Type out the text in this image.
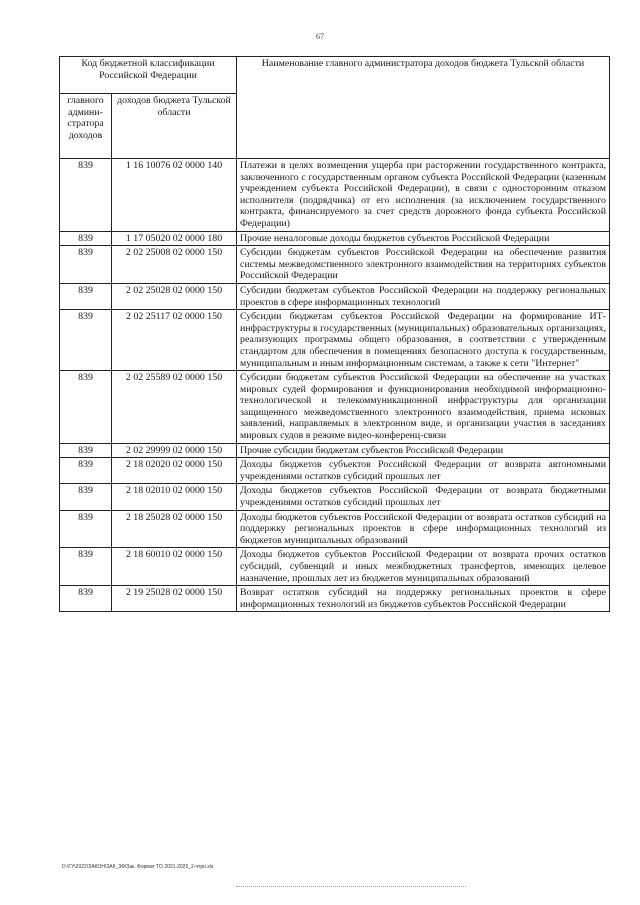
67
Код бюджетной классификации Российской Федерации		Наименование главного администратора доходов бюджета Тульской области
главного админи- стратора доходов	доходов бюджета Тульской области	
839	1 16 10076 02 0000 140	Платежи в целях возмещения ущерба при расторжении государственного контракта, заключенного с государственным органом субъекта Российской Федерации (казенным учреждением субъекта Российской Федерации), в связи с односторонним отказом исполнителя (подрядчика) от его исполнения (за исключением государственного контракта, финансируемого за счет средств дорожного фонда субъекта Российской Федерации)
839	1 17 05020 02 0000 180	Прочие неналоговые доходы бюджетов субъектов Российской Федерации
839	2 02 25008 02 0000 150	Субсидии бюджетам субъектов Российской Федерации на обеспечение развития системы межведомственного электронного взаимодействия на территориях субъектов Российской Федерации
839	2 02 25028 02 0000 150	Субсидии бюджетам субъектов Российской Федерации на поддержку региональных проектов в сфере информационных технологий
839	2 02 25117 02 0000 150	Субсидии бюджетам субъектов Российской Федерации на формирование ИТ-инфраструктуры в государственных (муниципальных) образовательных организациях, реализующих программы общего образования, в соответствии с утвержденным стандартом для обеспечения в помещениях безопасного доступа к государственным, муниципальным и иным информационным системам, а также к сети "Интернет"
839	2 02 25589 02 0000 150	Субсидии бюджетам субъектов Российской Федерации на обеспечение на участках мировых судей формирования и функционирования необходимой информационно-технологической и телекоммуникационной инфраструктуры для организации защищенного межведомственного электронного взаимодействия, приема исковых заявлений, направляемых в электронном виде, и организации участия в заседаниях мировых судов в режиме видео-конференц-связи
839	2 02 29999 02 0000 150	Прочие субсидии бюджетам субъектов Российской Федерации
839	2 18 02020 02 0000 150	Доходы бюджетов субъектов Российской Федерации от возврата автономными учреждениями остатков субсидий прошлых лет
839	2 18 02010 02 0000 150	Доходы бюджетов субъектов Российской Федерации от возврата бюджетными учреждениями остатков субсидий прошлых лет
839	2 18 25028 02 0000 150	Доходы бюджетов субъектов Российской Федерации от возврата остатков субсидий на поддержку региональных проектов в сфере информационных технологий из бюджетов муниципальных образований
839	2 18 60010 02 0000 150	Доходы бюджетов субъектов Российской Федерации от возврата прочих остатков субсидий, субвенций и иных межбюджетных трансфертов, имеющих целевое назначение, прошлых лет из бюджетов муниципальных образований
839	2 19 25028 02 0000 150	Возврат остатков субсидий на поддержку региональных проектов в сфере информационных технологий из бюджетов субъектов Российской Федерации
D:\ГУ\2022\ЗАКОН\ЗАК_3Ф\Зак. Формат ТО 2021-2025_2-чтрн.xls
